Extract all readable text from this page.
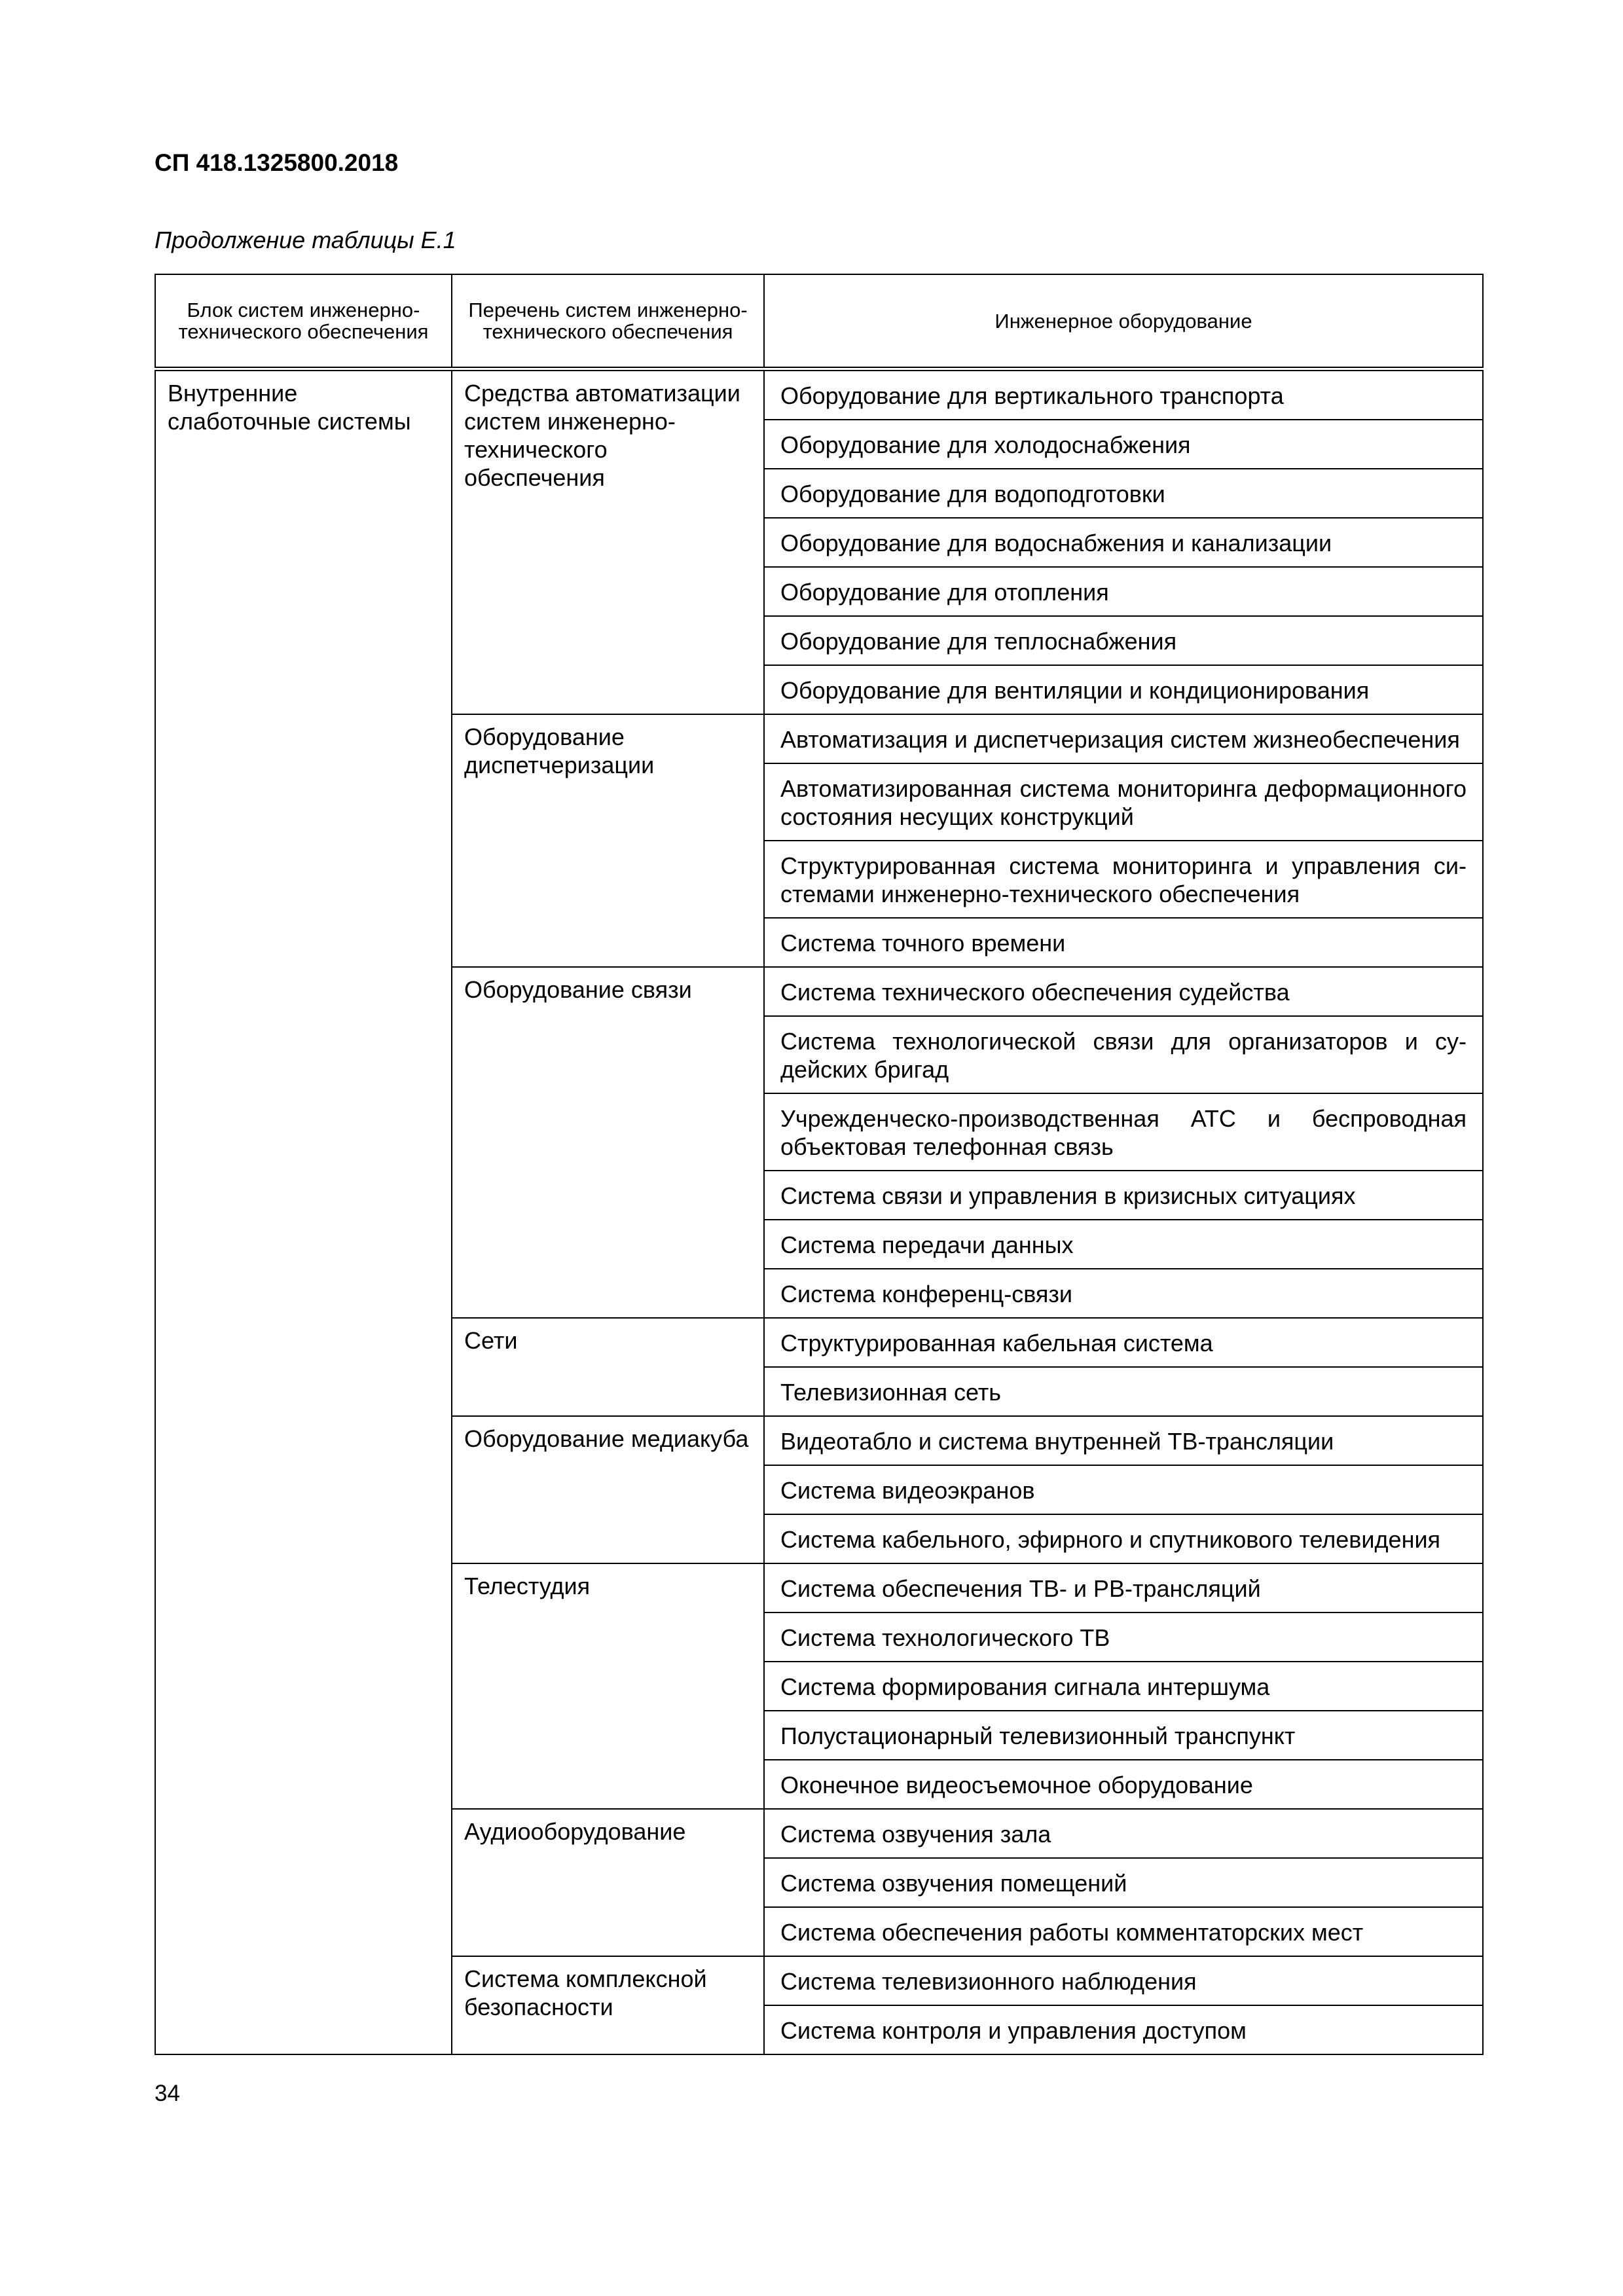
СП 418.1325800.2018

Продолжение таблицы Е.1

Блок систем инженерно-технического обеспечения	Перечень систем инженерно-технического обеспечения	Инженерное оборудование
Внутренние слаботочные системы	Средства автоматизации систем инженерно-технического обеспечения	Оборудование для вертикального транспорта
		Оборудование для холодоснабжения
		Оборудование для водоподготовки
		Оборудование для водоснабжения и канализации
		Оборудование для отопления
		Оборудование для теплоснабжения
		Оборудование для вентиляции и кондиционирования
	Оборудование диспетчеризации	Автоматизация и диспетчеризация систем жизнеобеспечения
		Автоматизированная система мониторинга деформационного состояния несущих конструкций
		Структурированная система мониторинга и управления системами инженерно-технического обеспечения
		Система точного времени
	Оборудование связи	Система технического обеспечения судейства
		Система технологической связи для организаторов и судейских бригад
		Учрежденческо-производственная АТС и беспроводная объектовая телефонная связь
		Система связи и управления в кризисных ситуациях
		Система передачи данных
		Система конференц-связи
	Сети	Структурированная кабельная система
		Телевизионная сеть
	Оборудование медиакуба	Видеотабло и система внутренней ТВ-трансляции
		Система видеоэкранов
		Система кабельного, эфирного и спутникового телевидения
	Телестудия	Система обеспечения ТВ- и РВ-трансляций
		Система технологического ТВ
		Система формирования сигнала интершума
		Полустационарный телевизионный транспункт
		Оконечное видеосъемочное оборудование
	Аудиооборудование	Система озвучения зала
		Система озвучения помещений
		Система обеспечения работы комментаторских мест
	Система комплексной безопасности	Система телевизионного наблюдения
		Система контроля и управления доступом
34
